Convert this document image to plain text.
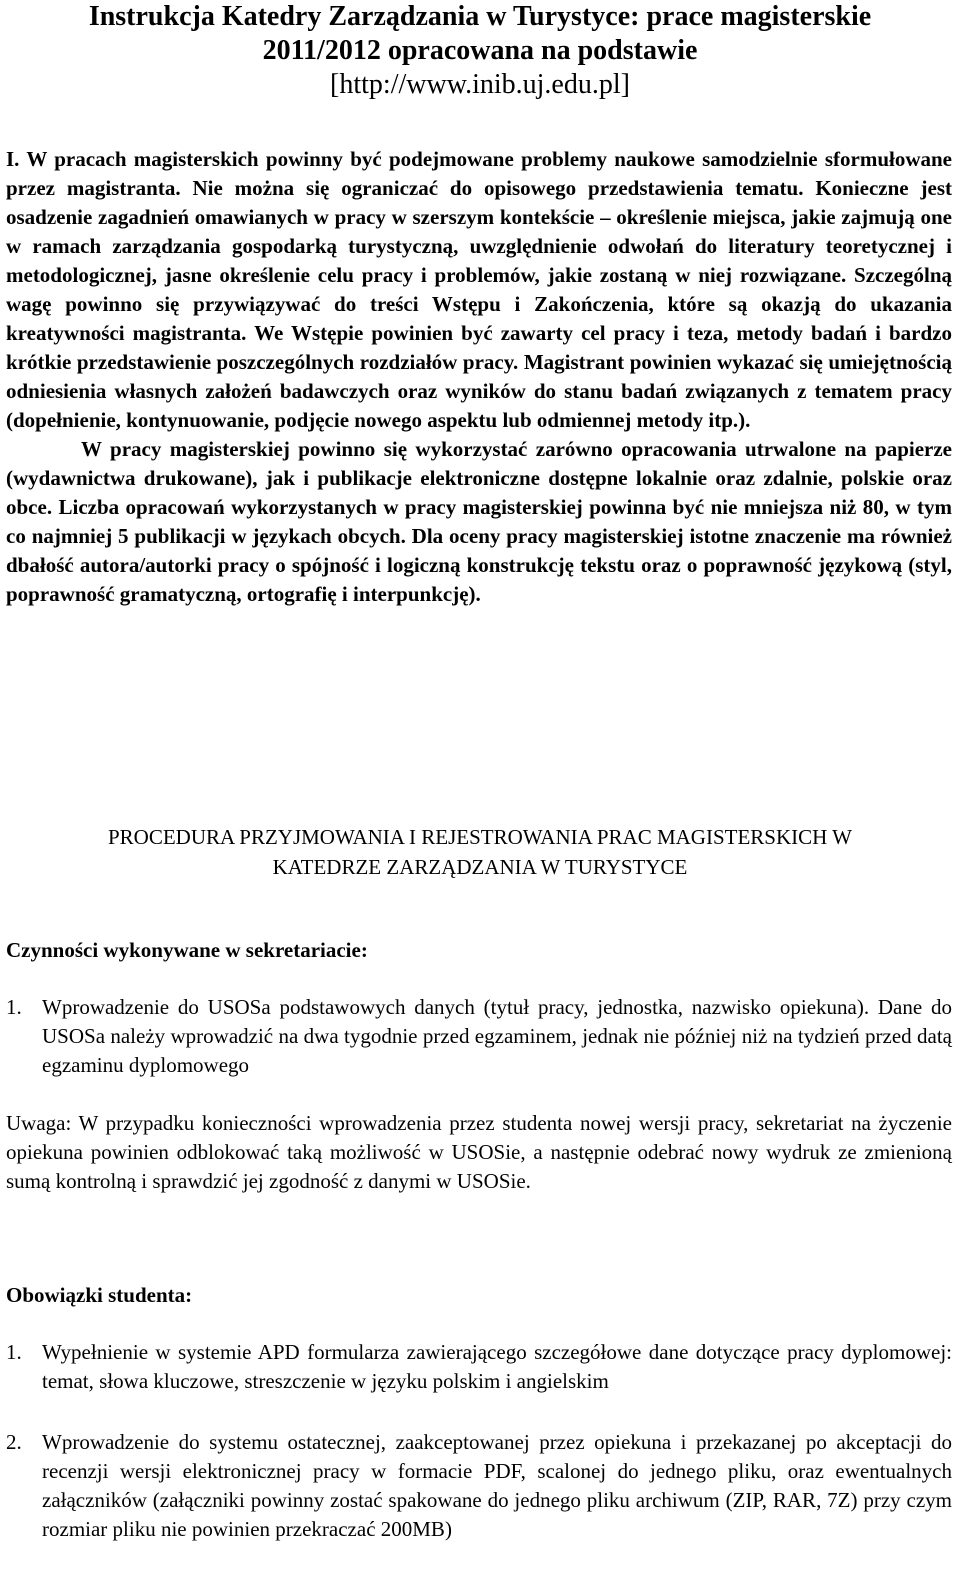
Instrukcja Katedry Zarządzania w Turystyce: prace magisterskie
2011/2012 opracowana na podstawie
[http://www.inib.uj.edu.pl]
I. W pracach magisterskich powinny być podejmowane problemy naukowe samodzielnie sformułowane przez magistranta. Nie można się ograniczać do opisowego przedstawienia tematu. Konieczne jest osadzenie zagadnień omawianych w pracy w szerszym kontekście – określenie miejsca, jakie zajmują one w ramach zarządzania gospodarką turystyczną, uwzględnienie odwołań do literatury teoretycznej i metodologicznej, jasne określenie celu pracy i problemów, jakie zostaną w niej rozwiązane. Szczególną wagę powinno się przywiązywać do treści Wstępu i Zakończenia, które są okazją do ukazania kreatywności magistranta. We Wstępie powinien być zawarty cel pracy i teza, metody badań i bardzo krótkie przedstawienie poszczególnych rozdziałów pracy. Magistrant powinien wykazać się umiejętnością odniesienia własnych założeń badawczych oraz wyników do stanu badań związanych z tematem pracy (dopełnienie, kontynuowanie, podjęcie nowego aspektu lub odmiennej metody itp.).
W pracy magisterskiej powinno się wykorzystać zarówno opracowania utrwalone na papierze (wydawnictwa drukowane), jak i publikacje elektroniczne dostępne lokalnie oraz zdalnie, polskie oraz obce. Liczba opracowań wykorzystanych w pracy magisterskiej powinna być nie mniejsza niż 80, w tym co najmniej 5 publikacji w językach obcych. Dla oceny pracy magisterskiej istotne znaczenie ma również dbałość autora/autorki pracy o spójność i logiczną konstrukcję tekstu oraz o poprawność językową (styl, poprawność gramatyczną, ortografię i interpunkcję).
PROCEDURA PRZYJMOWANIA I REJESTROWANIA PRAC MAGISTERSKICH W
KATEDRZE ZARZĄDZANIA W TURYSTYCE
Czynności wykonywane w sekretariacie:
1. Wprowadzenie do USOSa podstawowych danych (tytuł pracy, jednostka, nazwisko opiekuna). Dane do USOSa należy wprowadzić na dwa tygodnie przed egzaminem, jednak nie później niż na tydzień przed datą egzaminu dyplomowego

Uwaga: W przypadku konieczności wprowadzenia przez studenta nowej wersji pracy, sekretariat na życzenie opiekuna powinien odblokować taką możliwość w USOSie, a następnie odebrać nowy wydruk ze zmienioną sumą kontrolną i sprawdzić jej zgodność z danymi w USOSie.

Obowiązki studenta:
1. Wypełnienie w systemie APD formularza zawierającego szczegółowe dane dotyczące pracy dyplomowej: temat, słowa kluczowe, streszczenie w języku polskim i angielskim
2. Wprowadzenie do systemu ostatecznej, zaakceptowanej przez opiekuna i przekazanej po akceptacji do recenzji wersji elektronicznej pracy w formacie PDF, scalonej do jednego pliku, oraz ewentualnych załączników (załączniki powinny zostać spakowane do jednego pliku archiwum (ZIP, RAR, 7Z) przy czym rozmiar pliku nie powinien przekraczać 200MB)
